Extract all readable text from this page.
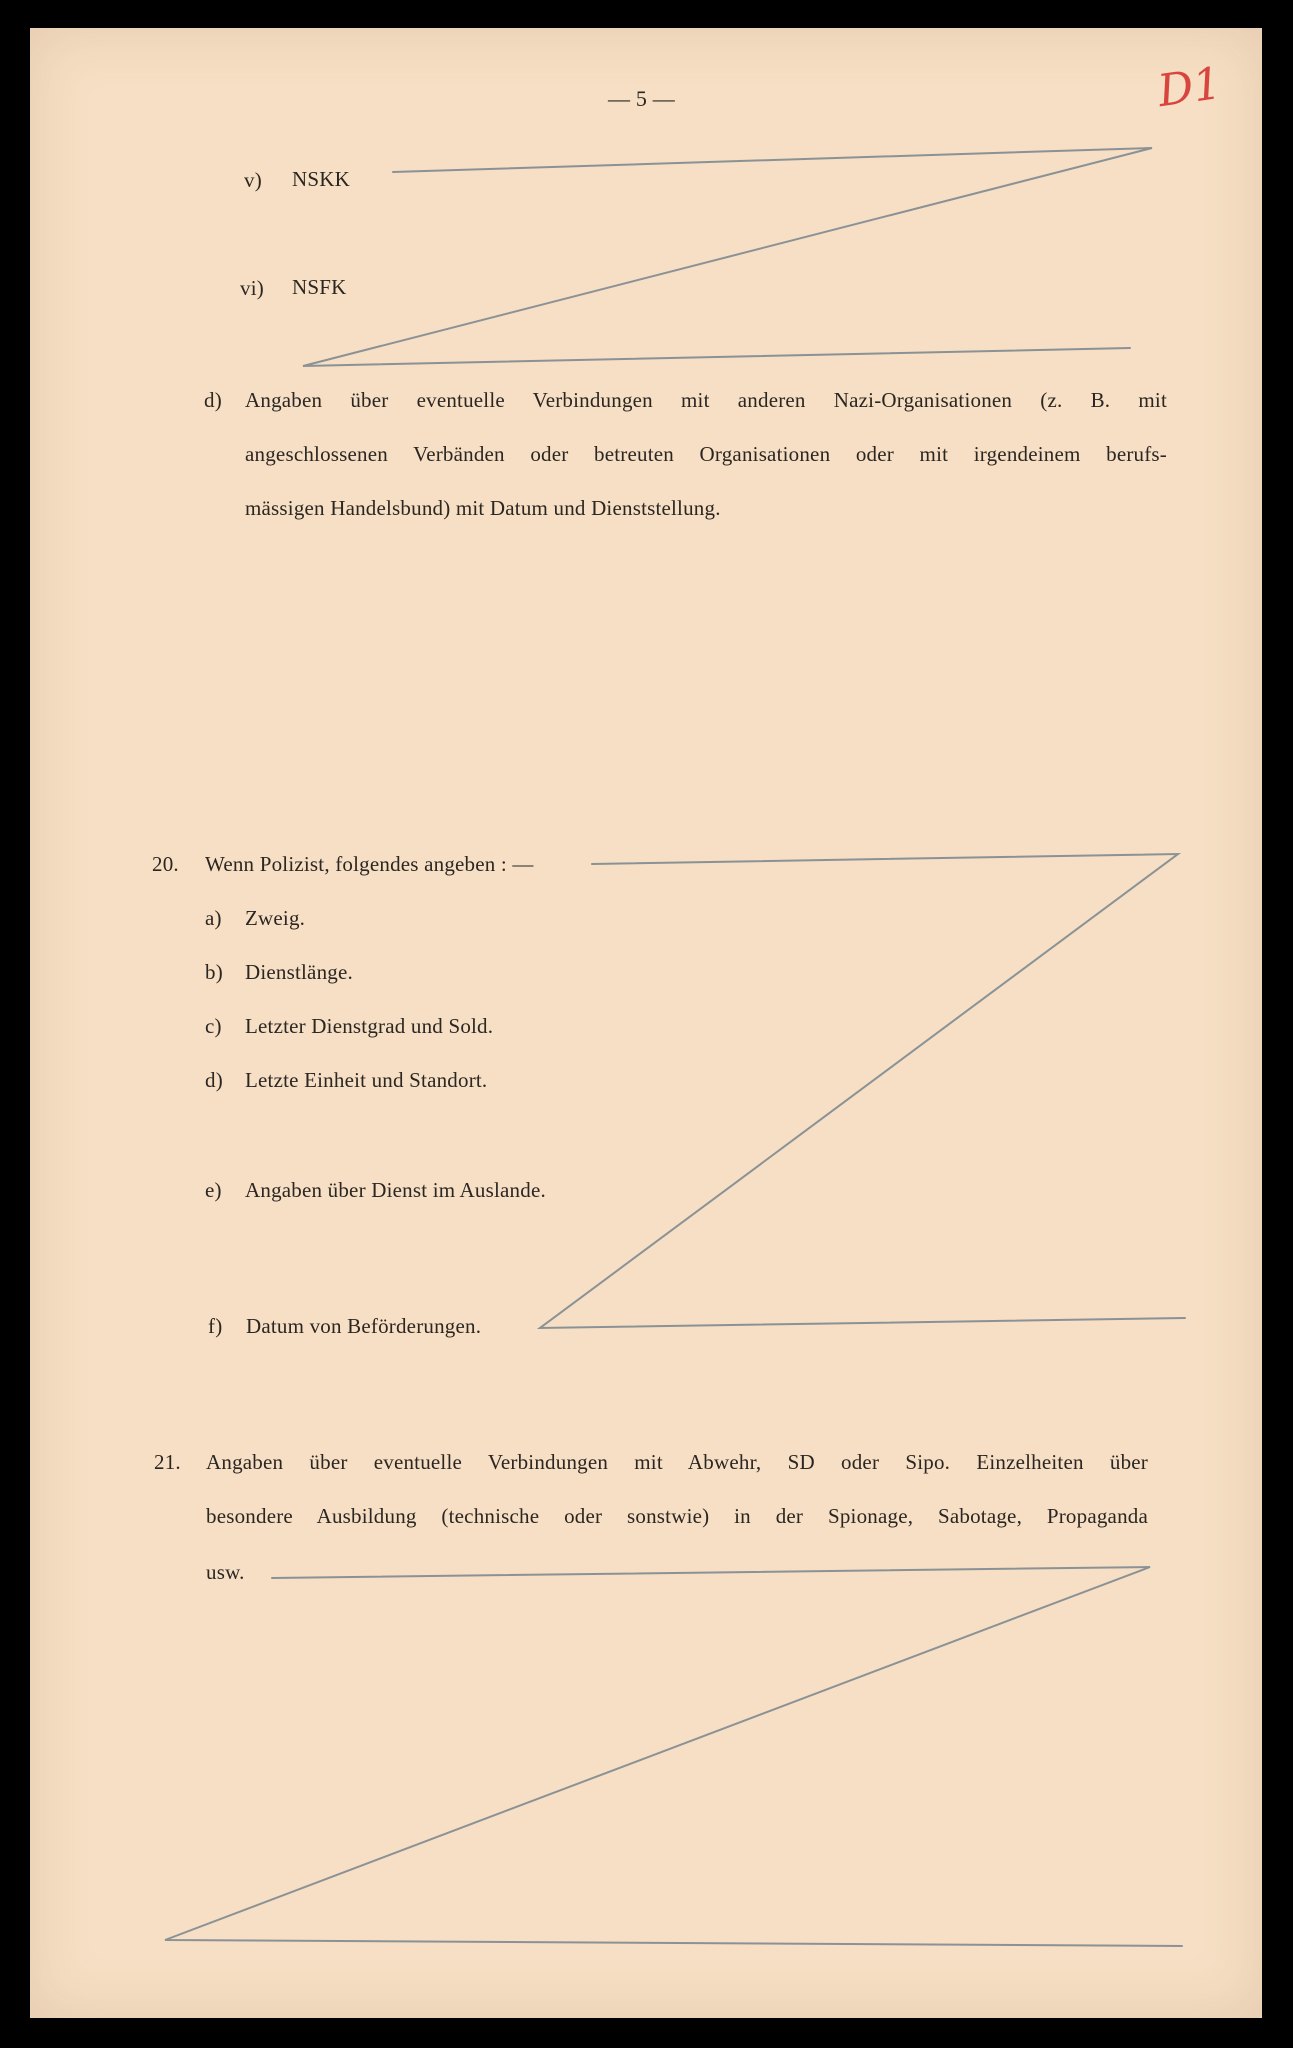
D1
— 5 —
v) NSKK
vi) NSFK
d) Angaben über eventuelle Verbindungen mit anderen Nazi-Organisationen (z. B. mit
angeschlossenen Verbänden oder betreuten Organisationen oder mit irgendeinem berufs-
mässigen Handelsbund) mit Datum und Dienststellung.
20. Wenn Polizist, folgendes angeben : —
a) Zweig.
b) Dienstlänge.
c) Letzter Dienstgrad und Sold.
d) Letzte Einheit und Standort.
e) Angaben über Dienst im Auslande.
f) Datum von Beförderungen.
21. Angaben über eventuelle Verbindungen mit Abwehr, SD oder Sipo. Einzelheiten über
besondere Ausbildung (technische oder sonstwie) in der Spionage, Sabotage, Propaganda
usw.
